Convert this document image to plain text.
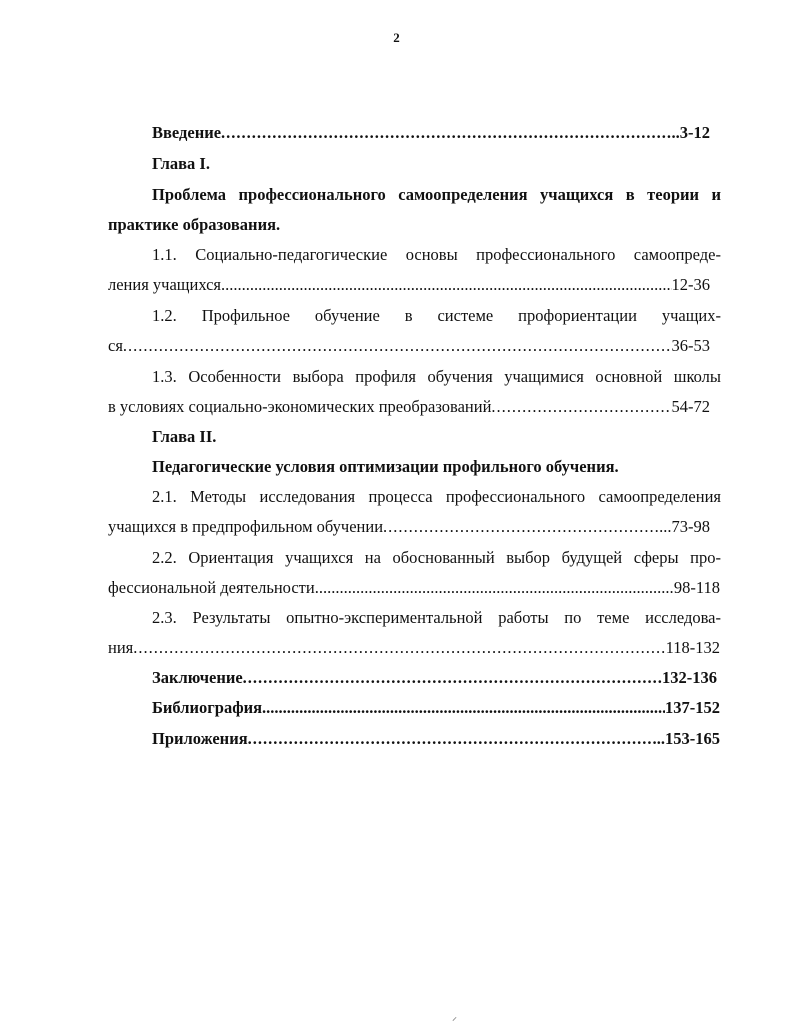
2
Введение .....	..3-12
Глава I.
Проблема профессионального самоопределения учащихся в теории и
практике образования.
1.1. Социально-педагогические основы профессионального самоопреде-
ления учащихся .....	12-36
1.2. Профильное обучение в системе профориентации учащих-
ся .....	36-53
1.3. Особенности выбора профиля обучения учащимися основной школы
в условиях социально-экономических преобразований .....	54-72
Глава II.
Педагогические условия оптимизации профильного обучения.
2.1. Методы исследования процесса профессионального самоопределения
учащихся в предпрофильном обучении .....	...73-98
2.2. Ориентация учащихся на обоснованный выбор будущей сферы про-
фессиональной деятельности .....	98-118
2.3. Результаты опытно-экспериментальной работы по теме исследова-
ния .....	118-132
Заключение .....	132-136
Библиография .....	137-152
Приложения .....	..153-165
⸝
